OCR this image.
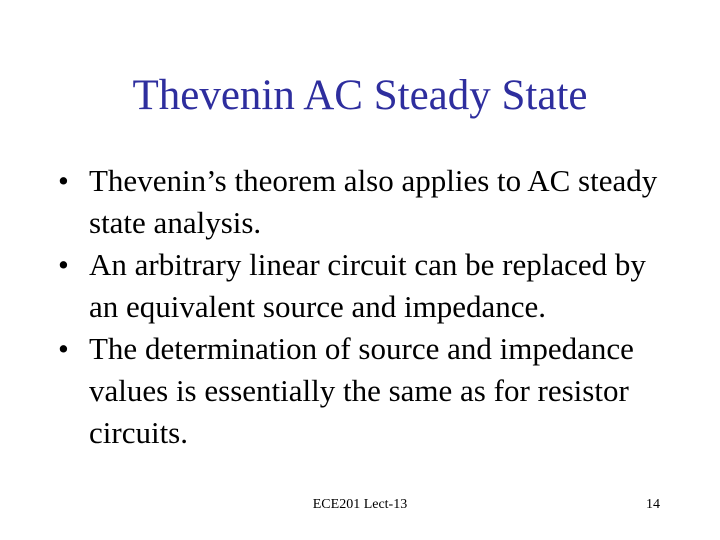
Thevenin AC Steady State
• Thevenin’s theorem also applies to AC steady state analysis.
• An arbitrary linear circuit can be replaced by an equivalent source and impedance.
• The determination of source and impedance values is essentially the same as for resistor circuits.
ECE201 Lect-13	14
